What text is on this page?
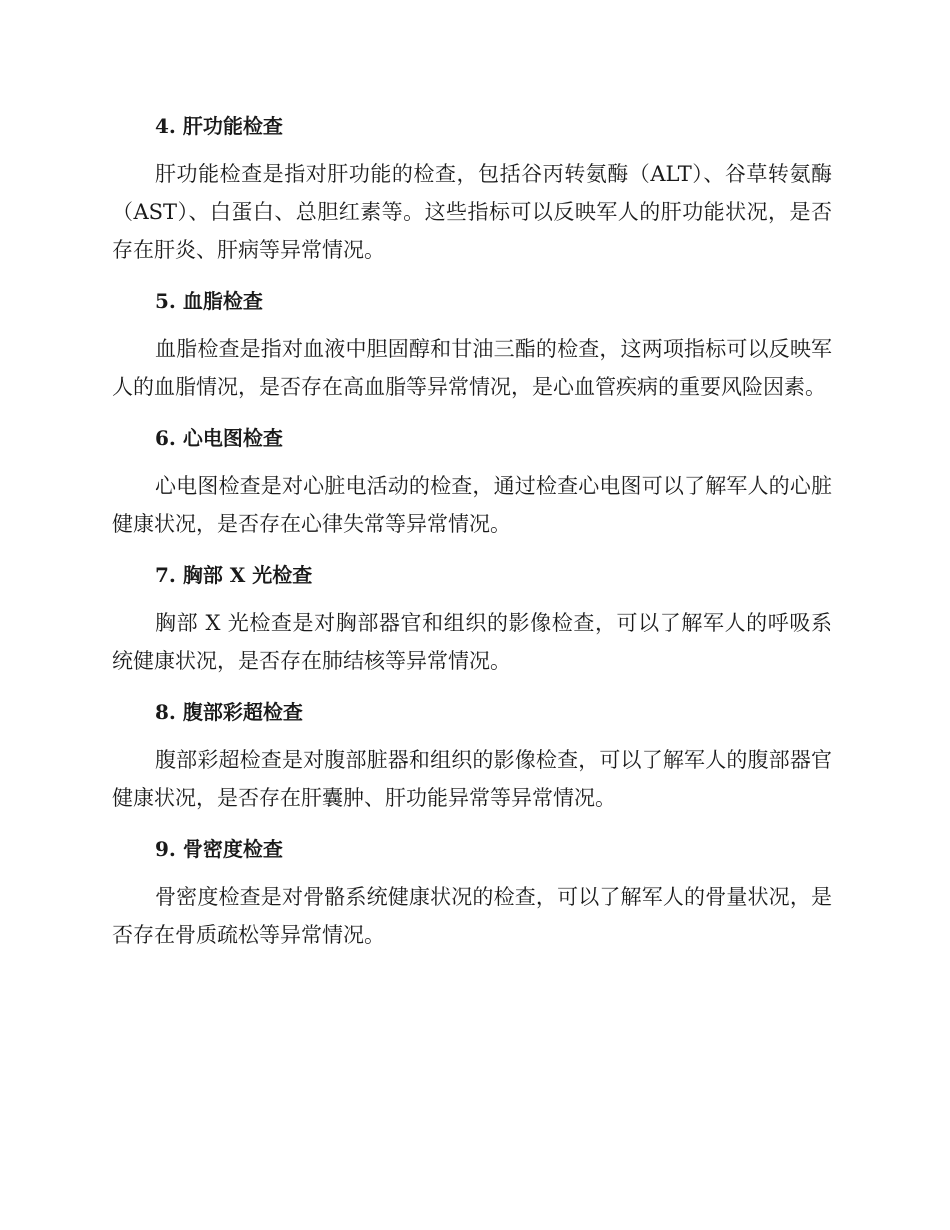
4. 肝功能检查

肝功能检查是指对肝功能的检查，包括谷丙转氨酶（ALT）、谷草转氨酶（AST）、白蛋白、总胆红素等。这些指标可以反映军人的肝功能状况，是否存在肝炎、肝病等异常情况。

5. 血脂检查

血脂检查是指对血液中胆固醇和甘油三酯的检查，这两项指标可以反映军人的血脂情况，是否存在高血脂等异常情况，是心血管疾病的重要风险因素。

6. 心电图检查

心电图检查是对心脏电活动的检查，通过检查心电图可以了解军人的心脏健康状况，是否存在心律失常等异常情况。

7. 胸部 X 光检查

胸部 X 光检查是对胸部器官和组织的影像检查，可以了解军人的呼吸系统健康状况，是否存在肺结核等异常情况。

8. 腹部彩超检查

腹部彩超检查是对腹部脏器和组织的影像检查，可以了解军人的腹部器官健康状况，是否存在肝囊肿、肝功能异常等异常情况。

9. 骨密度检查

骨密度检查是对骨骼系统健康状况的检查，可以了解军人的骨量状况，是否存在骨质疏松等异常情况。
